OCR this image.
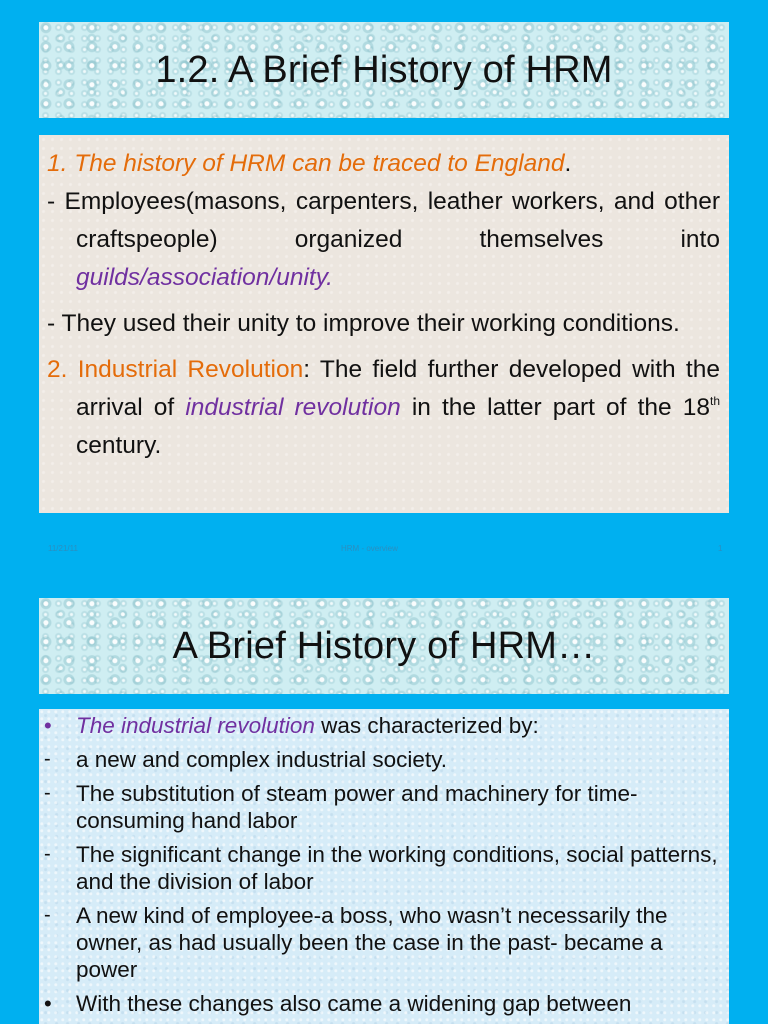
1.2. A Brief History of HRM

1. The history of HRM can be traced to England.

- Employees(masons, carpenters, leather workers, and other craftspeople) organized themselves into guilds/association/unity.

- They used their unity to improve their working conditions.

2. Industrial Revolution: The field further developed with the arrival of industrial revolution in the latter part of the 18th century.

11/21/11	HRM - overview	1
A Brief History of HRM…
•	The industrial revolution was characterized by:
-	a new and complex industrial society.
-	The substitution of steam power and machinery for time-consuming hand labor
-	The significant change in the working conditions, social patterns, and the division of labor
-	A new kind of employee-a boss, who wasn’t necessarily the owner, as had usually been the case in the past- became a power
•	With these changes also came a widening gap between
